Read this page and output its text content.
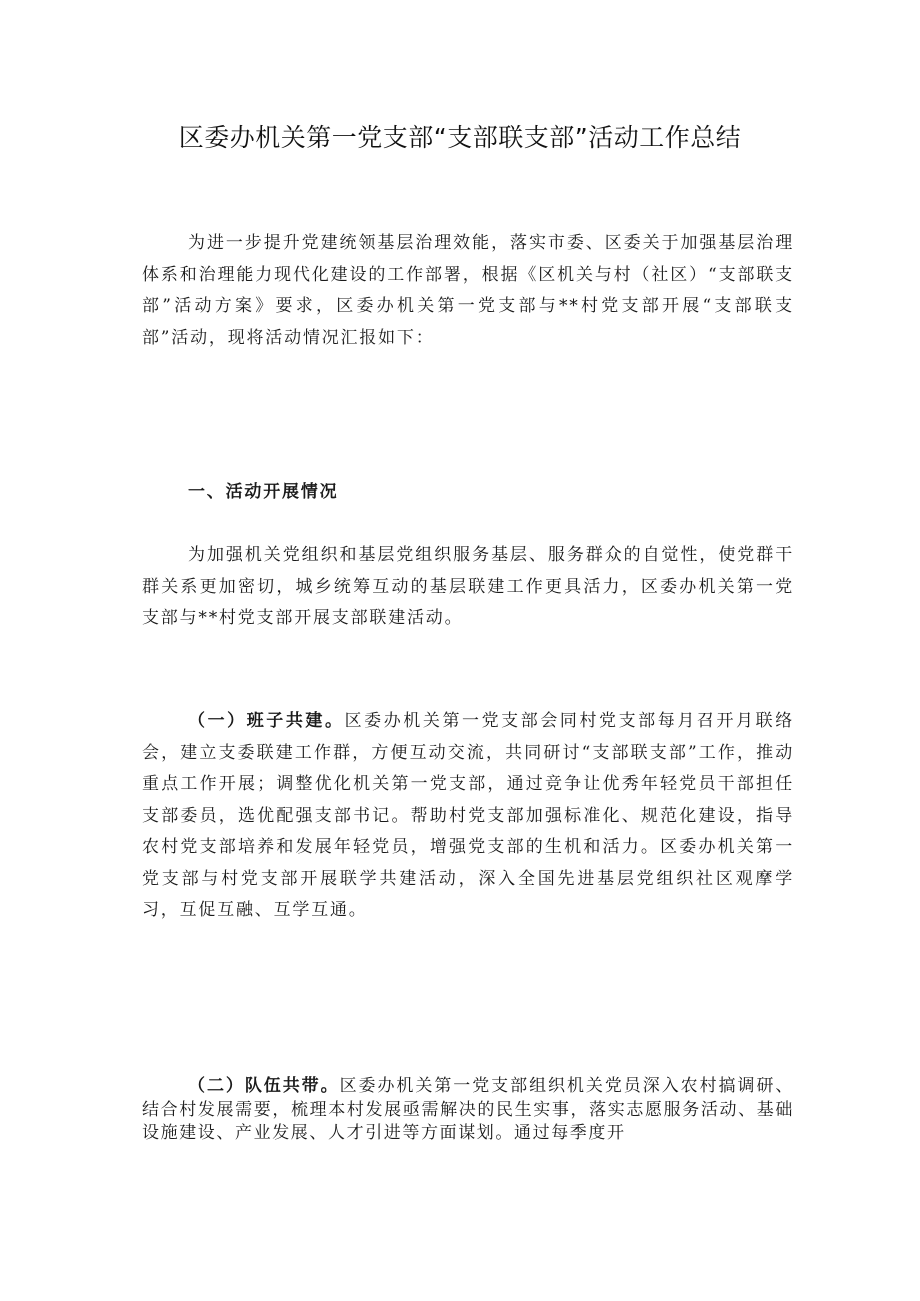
区委办机关第一党支部“支部联支部”活动工作总结

为进一步提升党建统领基层治理效能，落实市委、区委关于加强基层治理体系和治理能力现代化建设的工作部署，根据《区机关与村（社区）“支部联支部”活动方案》要求，区委办机关第一党支部与**村党支部开展“支部联支部”活动，现将活动情况汇报如下：

一、活动开展情况

为加强机关党组织和基层党组织服务基层、服务群众的自觉性，使党群干群关系更加密切，城乡统筹互动的基层联建工作更具活力，区委办机关第一党支部与**村党支部开展支部联建活动。

（一）班子共建。区委办机关第一党支部会同村党支部每月召开月联络会，建立支委联建工作群，方便互动交流，共同研讨“支部联支部”工作，推动重点工作开展；调整优化机关第一党支部，通过竞争让优秀年轻党员干部担任支部委员，选优配强支部书记。帮助村党支部加强标准化、规范化建设，指导农村党支部培养和发展年轻党员，增强党支部的生机和活力。区委办机关第一党支部与村党支部开展联学共建活动，深入全国先进基层党组织社区观摩学习，互促互融、互学互通。

（二）队伍共带。区委办机关第一党支部组织机关党员深入农村搞调研、结合村发展需要，梳理本村发展亟需解决的民生实事，落实志愿服务活动、基础设施建设、产业发展、人才引进等方面谋划。通过每季度开
